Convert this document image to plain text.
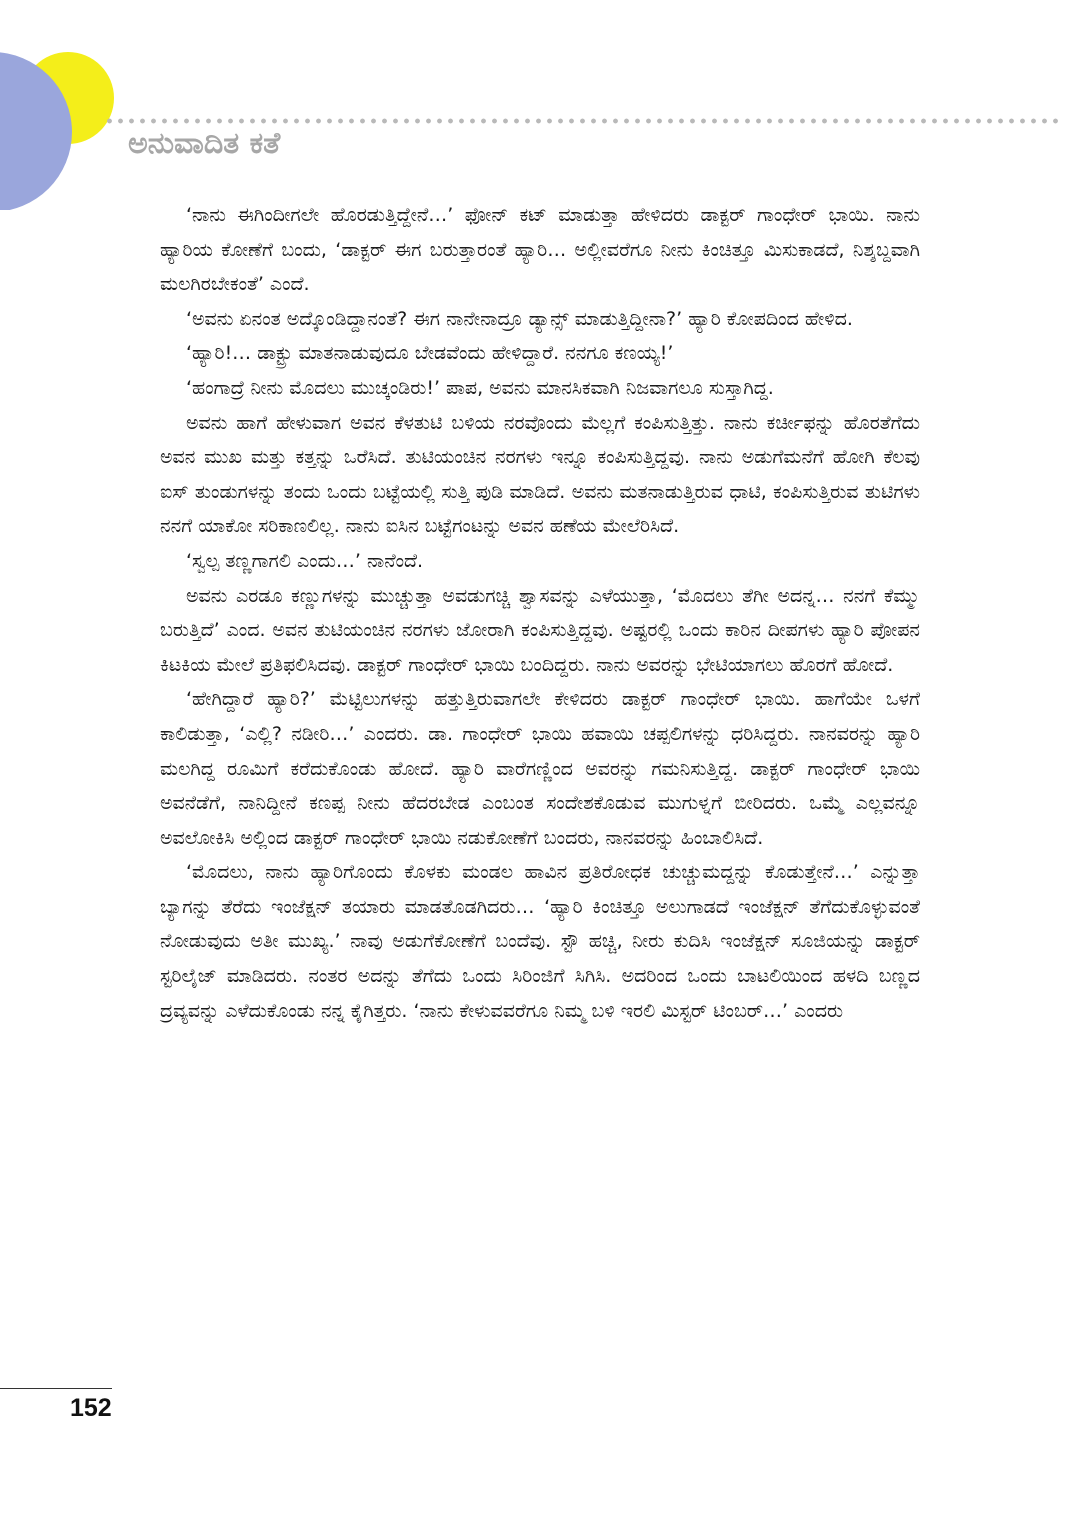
ಅನುವಾದಿತ ಕತೆ

‘ನಾನು ಈಗಿಂದೀಗಲೇ ಹೊರಡುತ್ತಿದ್ದೇನೆ…’ ಫೋನ್ ಕಟ್ ಮಾಡುತ್ತಾ ಹೇಳಿದರು ಡಾಕ್ಟರ್ ಗಾಂಧೇರ್ ಭಾಯಿ. ನಾನು ಹ್ಯಾರಿಯ ಕೋಣೆಗೆ ಬಂದು, ‘ಡಾಕ್ಟರ್ ಈಗ ಬರುತ್ತಾರಂತೆ ಹ್ಯಾರಿ… ಅಲ್ಲೀವರೆಗೂ ನೀನು ಕಿಂಚಿತ್ತೂ ಮಿಸುಕಾಡದೆ, ನಿಶ್ಶಬ್ದವಾಗಿ ಮಲಗಿರಬೇಕಂತೆ’ ಎಂದೆ.

‘ಅವನು ಏನಂತ ಅದ್ಕೊಂಡಿದ್ದಾನಂತೆ? ಈಗ ನಾನೇನಾದ್ರೂ ಡ್ಯಾನ್ಸ್ ಮಾಡುತ್ತಿದ್ದೀನಾ?’ ಹ್ಯಾರಿ ಕೋಪದಿಂದ ಹೇಳಿದ.

‘ಹ್ಯಾರಿ!… ಡಾಕ್ಟ್ರು ಮಾತನಾಡುವುದೂ ಬೇಡವೆಂದು ಹೇಳಿದ್ದಾರೆ. ನನಗೂ ಕಣಯ್ಯ!’

‘ಹಂಗಾದ್ರೆ ನೀನು ಮೊದಲು ಮುಚ್ಕಂಡಿರು!’ ಪಾಪ, ಅವನು ಮಾನಸಿಕವಾಗಿ ನಿಜವಾಗಲೂ ಸುಸ್ತಾಗಿದ್ದ.

ಅವನು ಹಾಗೆ ಹೇಳುವಾಗ ಅವನ ಕೆಳತುಟಿ ಬಳಿಯ ನರವೊಂದು ಮೆಲ್ಲಗೆ ಕಂಪಿಸುತ್ತಿತ್ತು. ನಾನು ಕರ್ಚೀಫನ್ನು ಹೊರತೆಗೆದು ಅವನ ಮುಖ ಮತ್ತು ಕತ್ತನ್ನು ಒರೆಸಿದೆ. ತುಟಿಯಂಚಿನ ನರಗಳು ಇನ್ನೂ ಕಂಪಿಸುತ್ತಿದ್ದವು. ನಾನು ಅಡುಗೆಮನೆಗೆ ಹೋಗಿ ಕೆಲವು ಐಸ್ ತುಂಡುಗಳನ್ನು ತಂದು ಒಂದು ಬಟ್ಟೆಯಲ್ಲಿ ಸುತ್ತಿ ಪುಡಿ ಮಾಡಿದೆ. ಅವನು ಮತನಾಡುತ್ತಿರುವ ಧಾಟಿ, ಕಂಪಿಸುತ್ತಿರುವ ತುಟಿಗಳು ನನಗೆ ಯಾಕೋ ಸರಿಕಾಣಲಿಲ್ಲ. ನಾನು ಐಸಿನ ಬಟ್ಟೆಗಂಟನ್ನು ಅವನ ಹಣೆಯ ಮೇಲೆರಿಸಿದೆ.

‘ಸ್ವಲ್ಪ ತಣ್ಣಗಾಗಲಿ ಎಂದು…’ ನಾನೆಂದೆ.

ಅವನು ಎರಡೂ ಕಣ್ಣುಗಳನ್ನು ಮುಚ್ಚುತ್ತಾ ಅವಡುಗಚ್ಚಿ ಶ್ವಾಸವನ್ನು ಎಳೆಯುತ್ತಾ, ‘ಮೊದಲು ತೆಗೀ ಅದನ್ನ… ನನಗೆ ಕೆಮ್ಮು ಬರುತ್ತಿದೆ’ ಎಂದ. ಅವನ ತುಟಿಯಂಚಿನ ನರಗಳು ಜೋರಾಗಿ ಕಂಪಿಸುತ್ತಿದ್ದವು. ಅಷ್ಟರಲ್ಲಿ ಒಂದು ಕಾರಿನ ದೀಪಗಳು ಹ್ಯಾರಿ ಪೋಪನ ಕಿಟಕಿಯ ಮೇಲೆ ಪ್ರತಿಫಲಿಸಿದವು. ಡಾಕ್ಟರ್ ಗಾಂಧೇರ್ ಭಾಯಿ ಬಂದಿದ್ದರು. ನಾನು ಅವರನ್ನು ಭೇಟಿಯಾಗಲು ಹೊರಗೆ ಹೋದೆ.

‘ಹೇಗಿದ್ದಾರೆ ಹ್ಯಾರಿ?’ ಮೆಟ್ಟಿಲುಗಳನ್ನು ಹತ್ತುತ್ತಿರುವಾಗಲೇ ಕೇಳಿದರು ಡಾಕ್ಟರ್ ಗಾಂಧೇರ್ ಭಾಯಿ. ಹಾಗೆಯೇ ಒಳಗೆ ಕಾಲಿಡುತ್ತಾ, ‘ಎಲ್ಲಿ? ನಡೀರಿ…’ ಎಂದರು. ಡಾ. ಗಾಂಧೇರ್ ಭಾಯಿ ಹವಾಯಿ ಚಪ್ಪಲಿಗಳನ್ನು ಧರಿಸಿದ್ದರು. ನಾನವರನ್ನು ಹ್ಯಾರಿ ಮಲಗಿದ್ದ ರೂಮಿಗೆ ಕರೆದುಕೊಂಡು ಹೋದೆ. ಹ್ಯಾರಿ ವಾರೆಗಣ್ಣಿಂದ ಅವರನ್ನು ಗಮನಿಸುತ್ತಿದ್ದ. ಡಾಕ್ಟರ್ ಗಾಂಧೇರ್ ಭಾಯಿ ಅವನೆಡೆಗೆ, ನಾನಿದ್ದೀನೆ ಕಣಪ್ಪ ನೀನು ಹೆದರಬೇಡ ಎಂಬಂತ ಸಂದೇಶಕೊಡುವ ಮುಗುಳ್ನಗೆ ಬೀರಿದರು. ಒಮ್ಮೆ ಎಲ್ಲವನ್ನೂ ಅವಲೋಕಿಸಿ ಅಲ್ಲಿಂದ ಡಾಕ್ಟರ್ ಗಾಂಧೇರ್ ಭಾಯಿ ನಡುಕೋಣೆಗೆ ಬಂದರು, ನಾನವರನ್ನು ಹಿಂಬಾಲಿಸಿದೆ.

‘ಮೊದಲು, ನಾನು ಹ್ಯಾರಿಗೊಂದು ಕೊಳಕು ಮಂಡಲ ಹಾವಿನ ಪ್ರತಿರೋಧಕ ಚುಚ್ಚುಮದ್ದನ್ನು ಕೊಡುತ್ತೇನೆ…’ ಎನ್ನುತ್ತಾ ಬ್ಯಾಗನ್ನು ತೆರೆದು ಇಂಜೆಕ್ಷನ್ ತಯಾರು ಮಾಡತೊಡಗಿದರು… ‘ಹ್ಯಾರಿ ಕಿಂಚಿತ್ತೂ ಅಲುಗಾಡದೆ ಇಂಜೆಕ್ಷನ್ ತೆಗೆದುಕೊಳ್ಳುವಂತೆ ನೋಡುವುದು ಅತೀ ಮುಖ್ಯ.’ ನಾವು ಅಡುಗೆಕೋಣೆಗೆ ಬಂದೆವು. ಸ್ಟೌ ಹಚ್ಚಿ, ನೀರು ಕುದಿಸಿ ಇಂಜೆಕ್ಷನ್ ಸೂಜಿಯನ್ನು ಡಾಕ್ಟರ್ ಸ್ಟರಿಲೈಜ್ ಮಾಡಿದರು. ನಂತರ ಅದನ್ನು ತೆಗೆದು ಒಂದು ಸಿರಿಂಜಿಗೆ ಸಿಗಿಸಿ. ಅದರಿಂದ ಒಂದು ಬಾಟಲಿಯಿಂದ ಹಳದಿ ಬಣ್ಣದ ದ್ರವ್ಯವನ್ನು ಎಳೆದುಕೊಂಡು ನನ್ನ ಕೈಗಿತ್ತರು. ‘ನಾನು ಕೇಳುವವರೆಗೂ ನಿಮ್ಮ ಬಳಿ ಇರಲಿ ಮಿಸ್ಟರ್ ಟಿಂಬರ್…’ ಎಂದರು

152
